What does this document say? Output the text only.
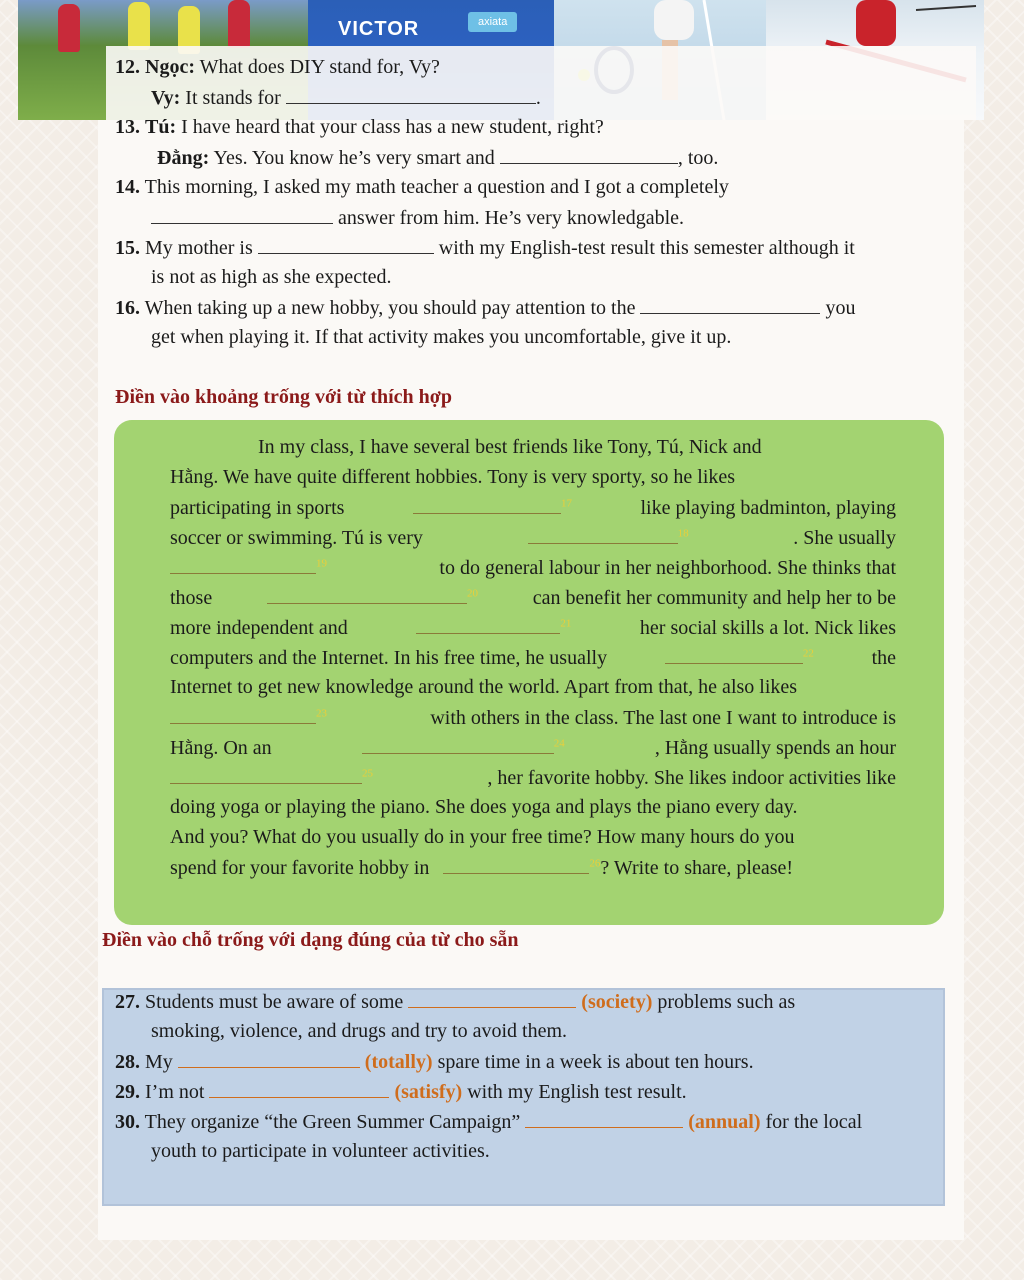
VICTOR	axiata
12. Ngọc: What does DIY stand for, Vy?
Vy: It stands for	.
13. Tú: I have heard that your class has a new student, right?
Đằng: Yes. You know he’s very smart and	, too.
14. This morning, I asked my math teacher a question and I got a completely
answer from him. He’s very knowledgable.
15. My mother is	with my English-test result this semester although it
is not as high as she expected.
16. When taking up a new hobby, you should pay attention to the	you
get when playing it. If that activity makes you uncomfortable, give it up.
Điền vào khoảng trống với từ thích hợp
In my class, I have several best friends like Tony, Tú, Nick and
Hằng. We have quite different hobbies. Tony is very sporty, so he likes
participating in sports	$^{17}$	like playing badminton, playing
soccer or swimming. Tú is very	$^{18}$	. She usually
$^{19}$	to do general labour in her neighborhood. She thinks that
those	$^{20}$	can benefit her community and help her to be
more independent and	$^{21}$	her social skills a lot. Nick likes
computers and the Internet. In his free time, he usually	$^{22}$	the
Internet to get new knowledge around the world. Apart from that, he also likes
$^{23}$	with others in the class. The last one I want to introduce is
Hằng. On an	$^{24}$	, Hằng usually spends an hour
$^{25}$	, her favorite hobby. She likes indoor activities like
doing yoga or playing the piano. She does yoga and plays the piano every day.
And you? What do you usually do in your free time? How many hours do you
spend for your favorite hobby in	$^{26}$ ? Write to share, please!
Điền vào chỗ trống với dạng đúng của từ cho sẵn
27. Students must be aware of some	(society) problems such as
smoking, violence, and drugs and try to avoid them.
28. My	(totally) spare time in a week is about ten hours.
29. I’m not	(satisfy) with my English test result.
30. They organize “the Green Summer Campaign”	(annual) for the local
youth to participate in volunteer activities.
